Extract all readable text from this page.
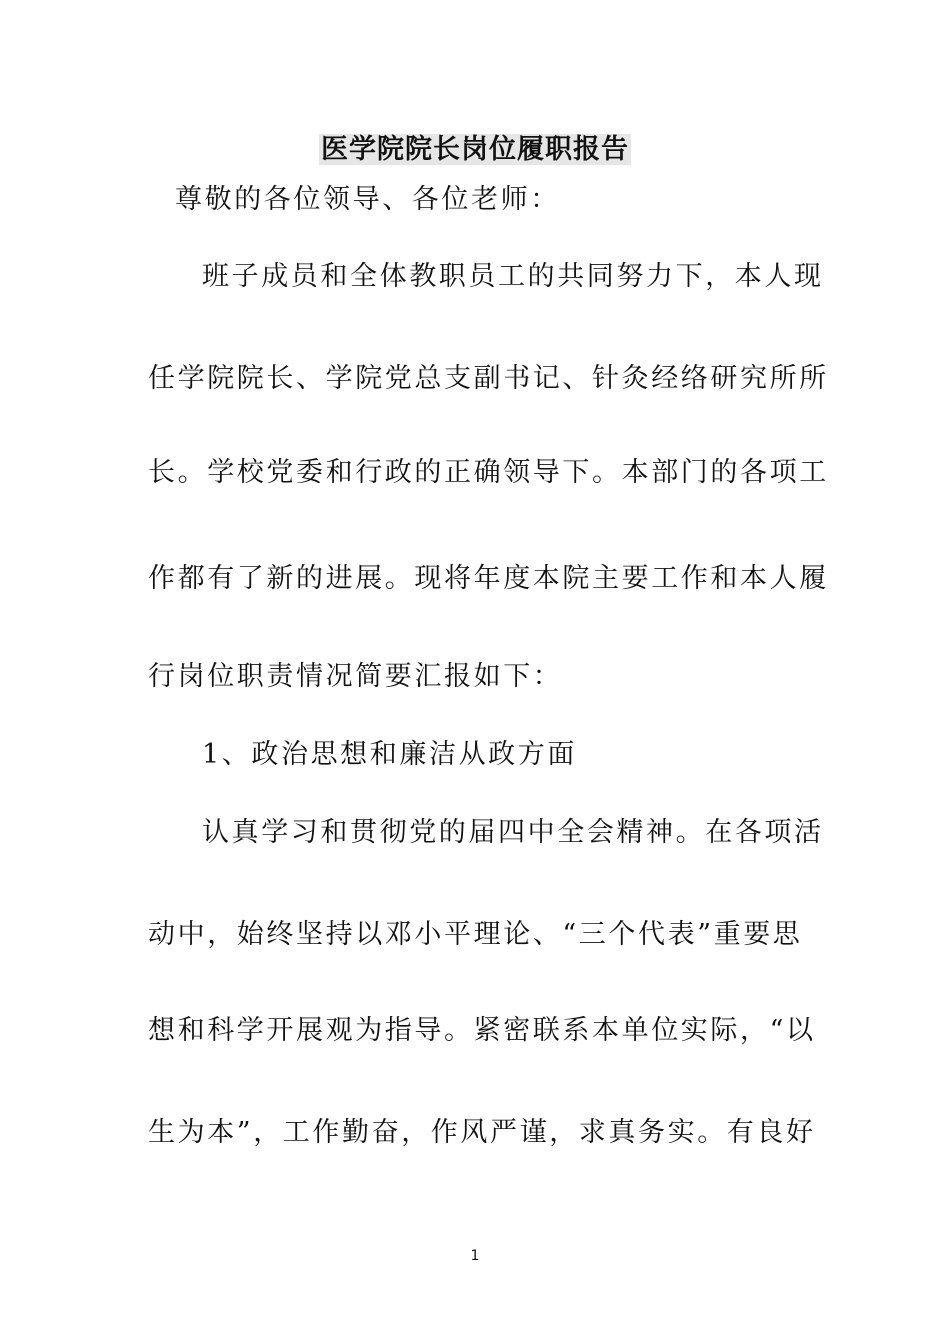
医学院院长岗位履职报告
尊敬的各位领导、各位老师：
班子成员和全体教职员工的共同努力下，本人现
任学院院长、学院党总支副书记、针灸经络研究所所
长。学校党委和行政的正确领导下。本部门的各项工
作都有了新的进展。现将年度本院主要工作和本人履
行岗位职责情况简要汇报如下：
1、政治思想和廉洁从政方面
认真学习和贯彻党的届四中全会精神。在各项活
动中，始终坚持以邓小平理论、“三个代表”重要思
想和科学开展观为指导。紧密联系本单位实际，“以
生为本”，工作勤奋，作风严谨，求真务实。有良好
1
